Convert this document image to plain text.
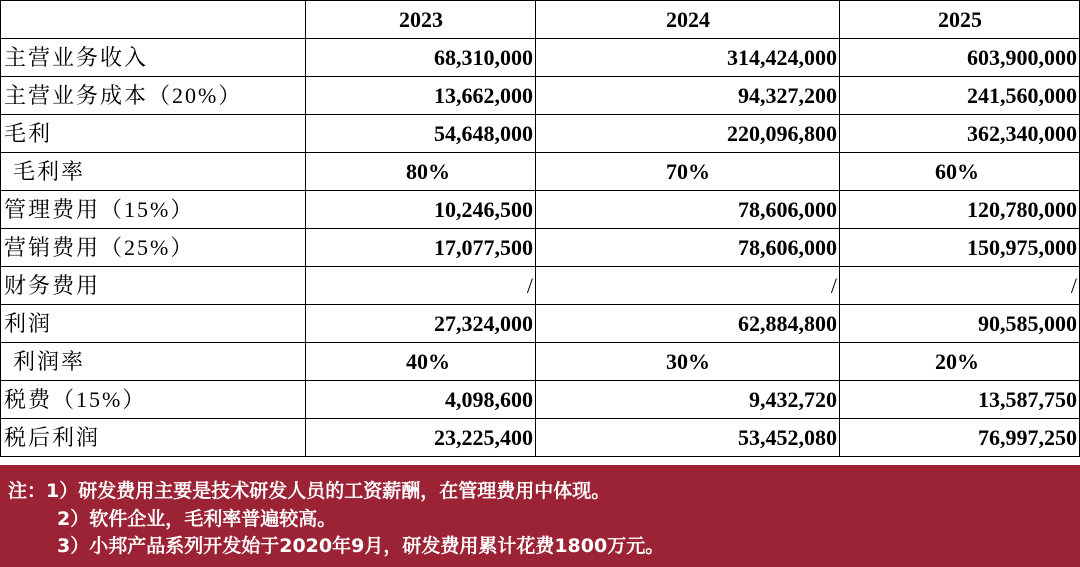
	2023	2024	2025
主营业务收入	68,310,000	314,424,000	603,900,000
主营业务成本（20%）	13,662,000	94,327,200	241,560,000
毛利	54,648,000	220,096,800	362,340,000
毛利率	80%	70%	60%
管理费用（15%）	10,246,500	78,606,000	120,780,000
营销费用（25%）	17,077,500	78,606,000	150,975,000
财务费用	/	/	/
利润	27,324,000	62,884,800	90,585,000
利润率	40%	30%	20%
税费（15%）	4,098,600	9,432,720	13,587,750
税后利润	23,225,400	53,452,080	76,997,250
注：1）研发费用主要是技术研发人员的工资薪酬，在管理费用中体现。
2）软件企业，毛利率普遍较高。
3）小邦产品系列开发始于2020年9月，研发费用累计花费1800万元。
